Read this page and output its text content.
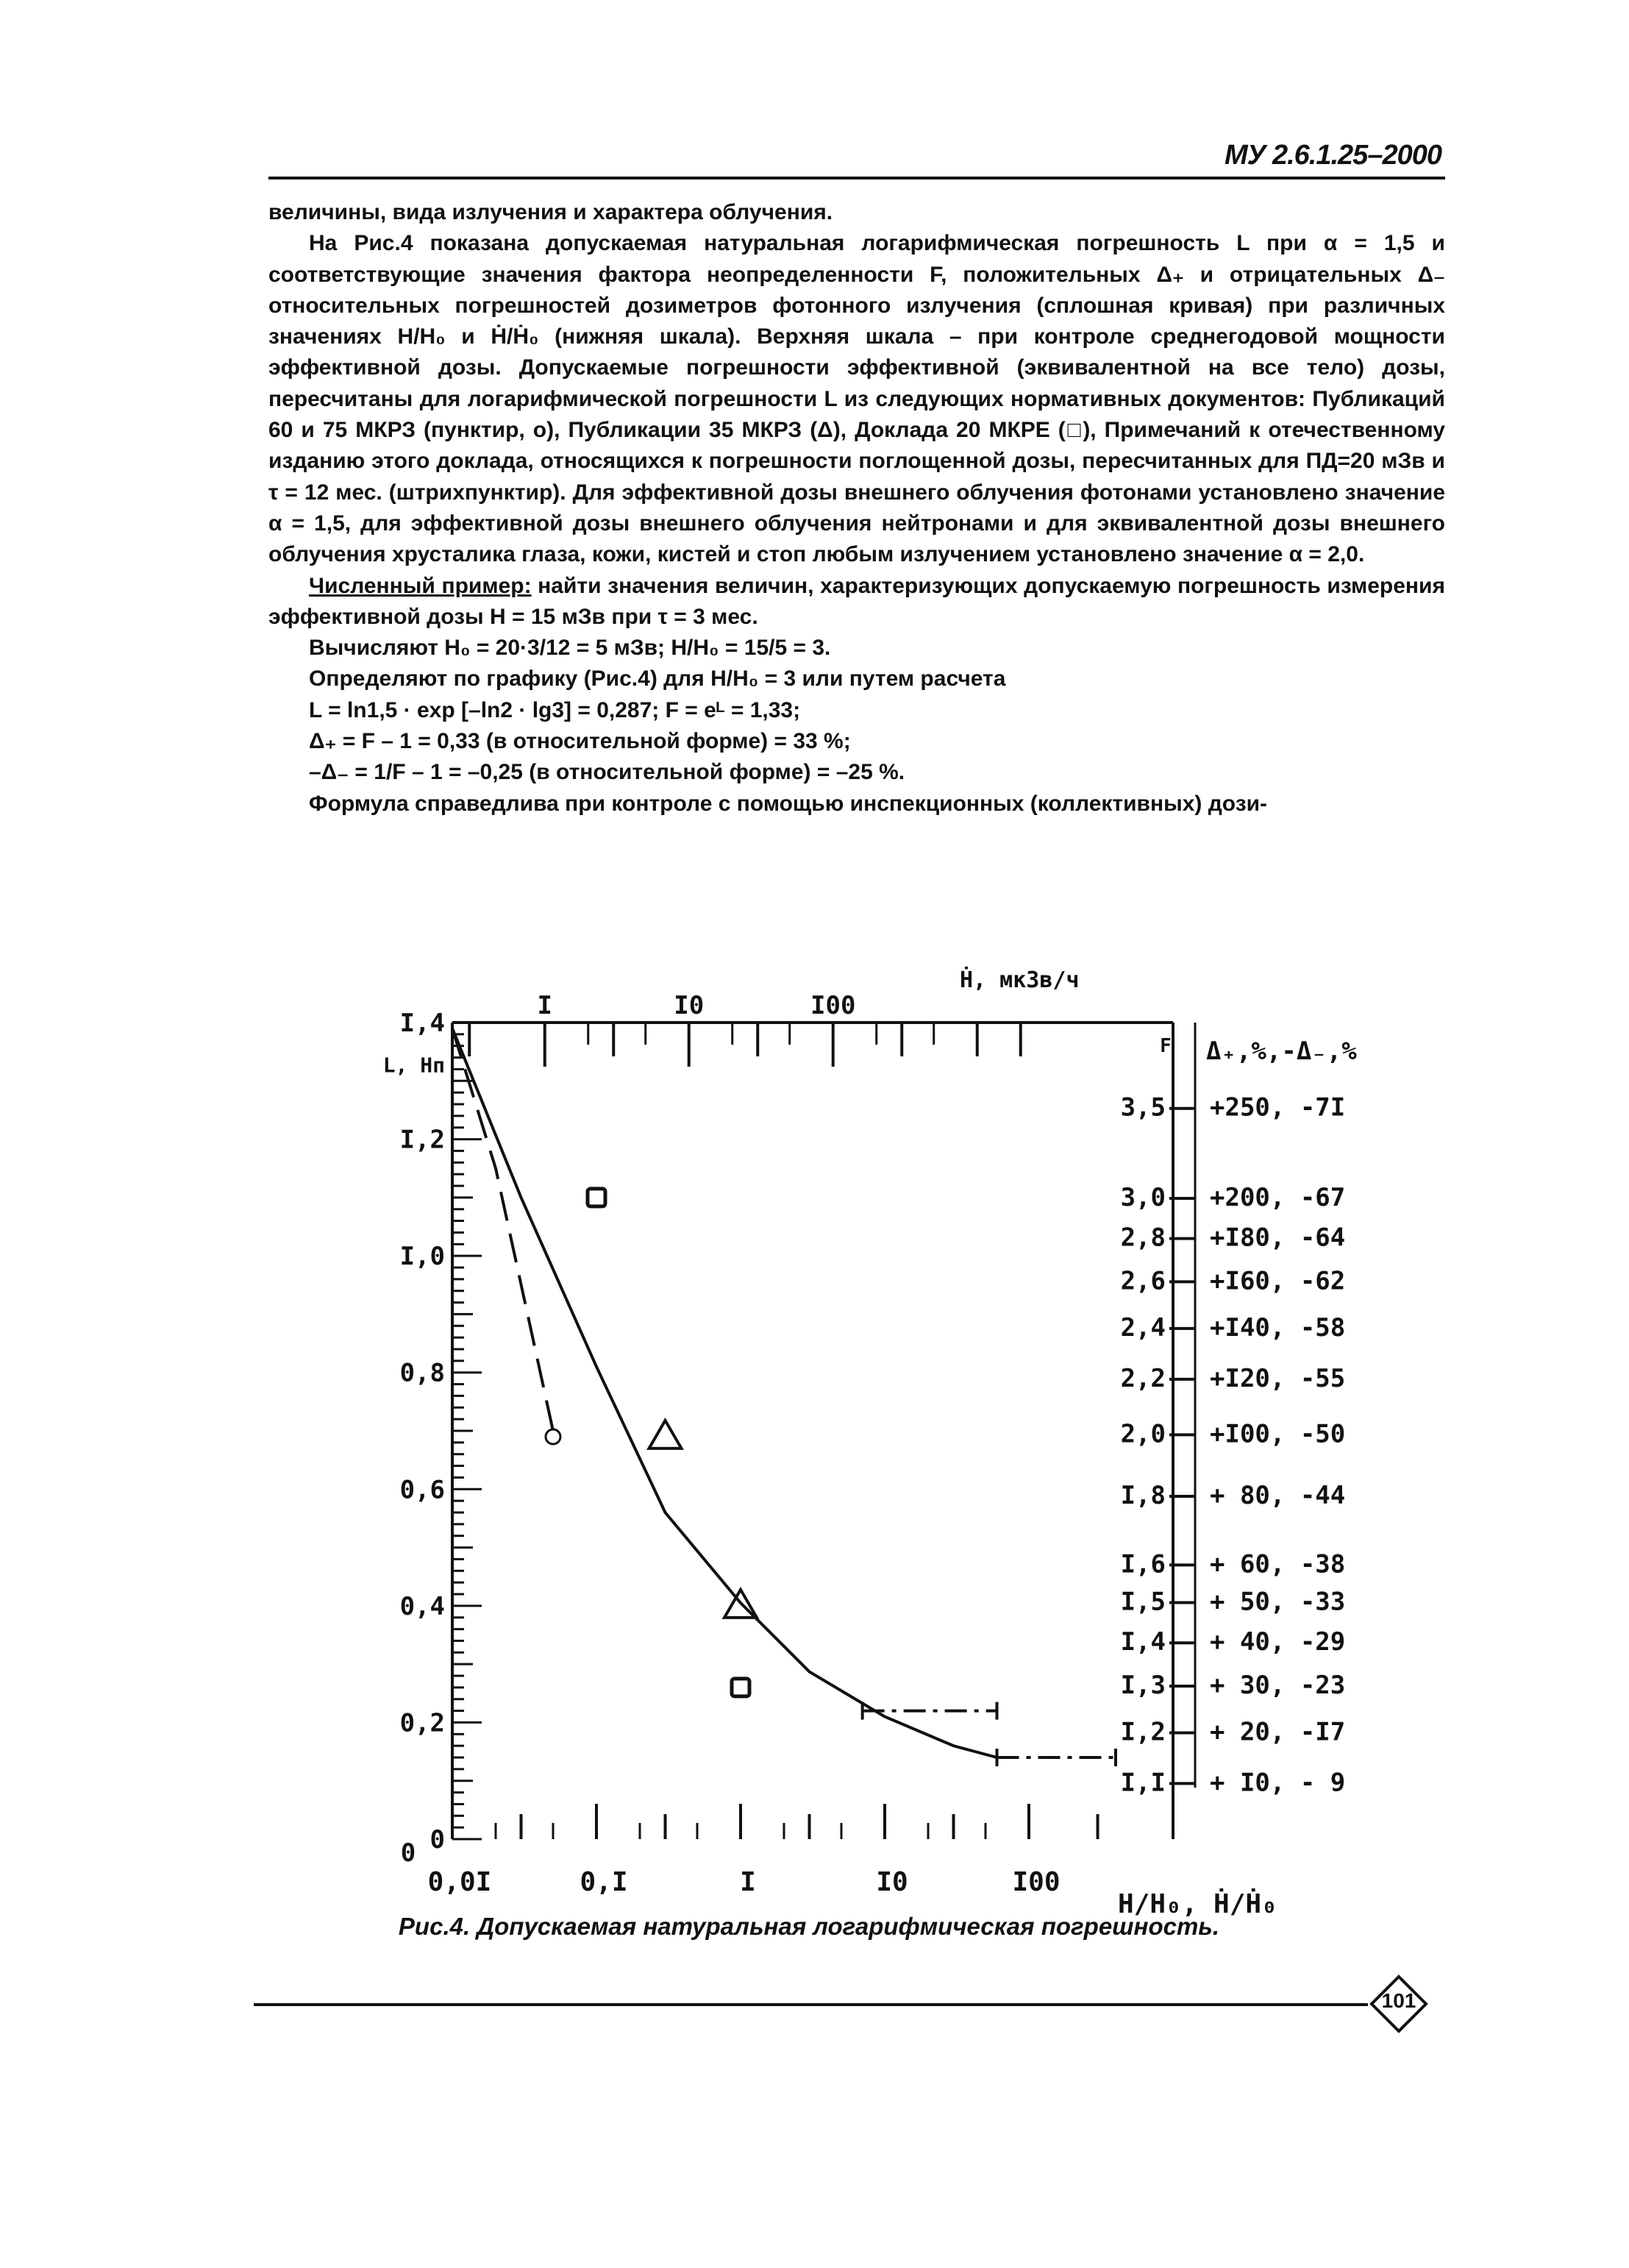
МУ 2.6.1.25–2000

величины, вида излучения и характера облучения.

На Рис.4 показана допускаемая натуральная логарифмическая погрешность L при α = 1,5 и соответствующие значения фактора неопределенности F, положительных Δ₊ и отрицательных Δ₋ относительных погрешностей дозиметров фотонного излучения (сплошная кривая) при различных значениях H/H₀ и Ḣ/Ḣ₀ (нижняя шкала). Верхняя шкала – при контроле среднегодовой мощности эффективной дозы. Допускаемые погрешности эффективной (эквивалентной на все тело) дозы, пересчитаны для логарифмической погрешности L из следующих нормативных документов: Публикаций 60 и 75 МКРЗ (пунктир, о), Публикации 35 МКРЗ (Δ), Доклада 20 МКРЕ (□), Примечаний к отечественному изданию этого доклада, относящихся к погрешности поглощенной дозы, пересчитанных для ПД=20 мЗв и τ = 12 мес. (штрихпунктир). Для эффективной дозы внешнего облучения фотонами установлено значение α = 1,5, для эффективной дозы внешнего облучения нейтронами и для эквивалентной дозы внешнего облучения хрусталика глаза, кожи, кистей и стоп любым излучением установлено значение α = 2,0.

Численный пример: найти значения величин, характеризующих допускаемую погрешность измерения эффективной дозы H = 15 мЗв при τ = 3 мес.

Вычисляют H₀ = 20·3/12 = 5 мЗв; H/H₀ = 15/5 = 3.

Определяют по графику (Рис.4) для H/H₀ = 3 или путем расчета

L = ln1,5 · exp [–ln2 · lg3] = 0,287; F = eᴸ = 1,33;

Δ₊ = F – 1 = 0,33 (в относительной форме) = 33 %;

–Δ₋ = 1/F – 1 = –0,25 (в относительной форме) = –25 %.

Формула справедлива при контроле с помощью инспекционных (коллективных) дози-

0
0,2
0,4
0,6
0,8
I,0
I,2
I,4
L, Нп
0,0I	0,I	I	I0	I00
0
H/H₀, Ḣ/Ḣ₀
I	I0	I00
Ḣ, мкЗв/ч
F Δ₊,%,-Δ₋,%
3,5 +250, -7I
3,0 +200, -67
2,8 +I80, -64
2,6 +I60, -62
2,4 +I40, -58
2,2 +I20, -55
2,0 +I00, -50
I,8 + 80, -44
I,6 + 60, -38
I,5 + 50, -33
I,4 + 40, -29
I,3 + 30, -23
I,2 + 20, -I7
I,I + I0, - 9
Рис.4. Допускаемая натуральная логарифмическая погрешность.
101
